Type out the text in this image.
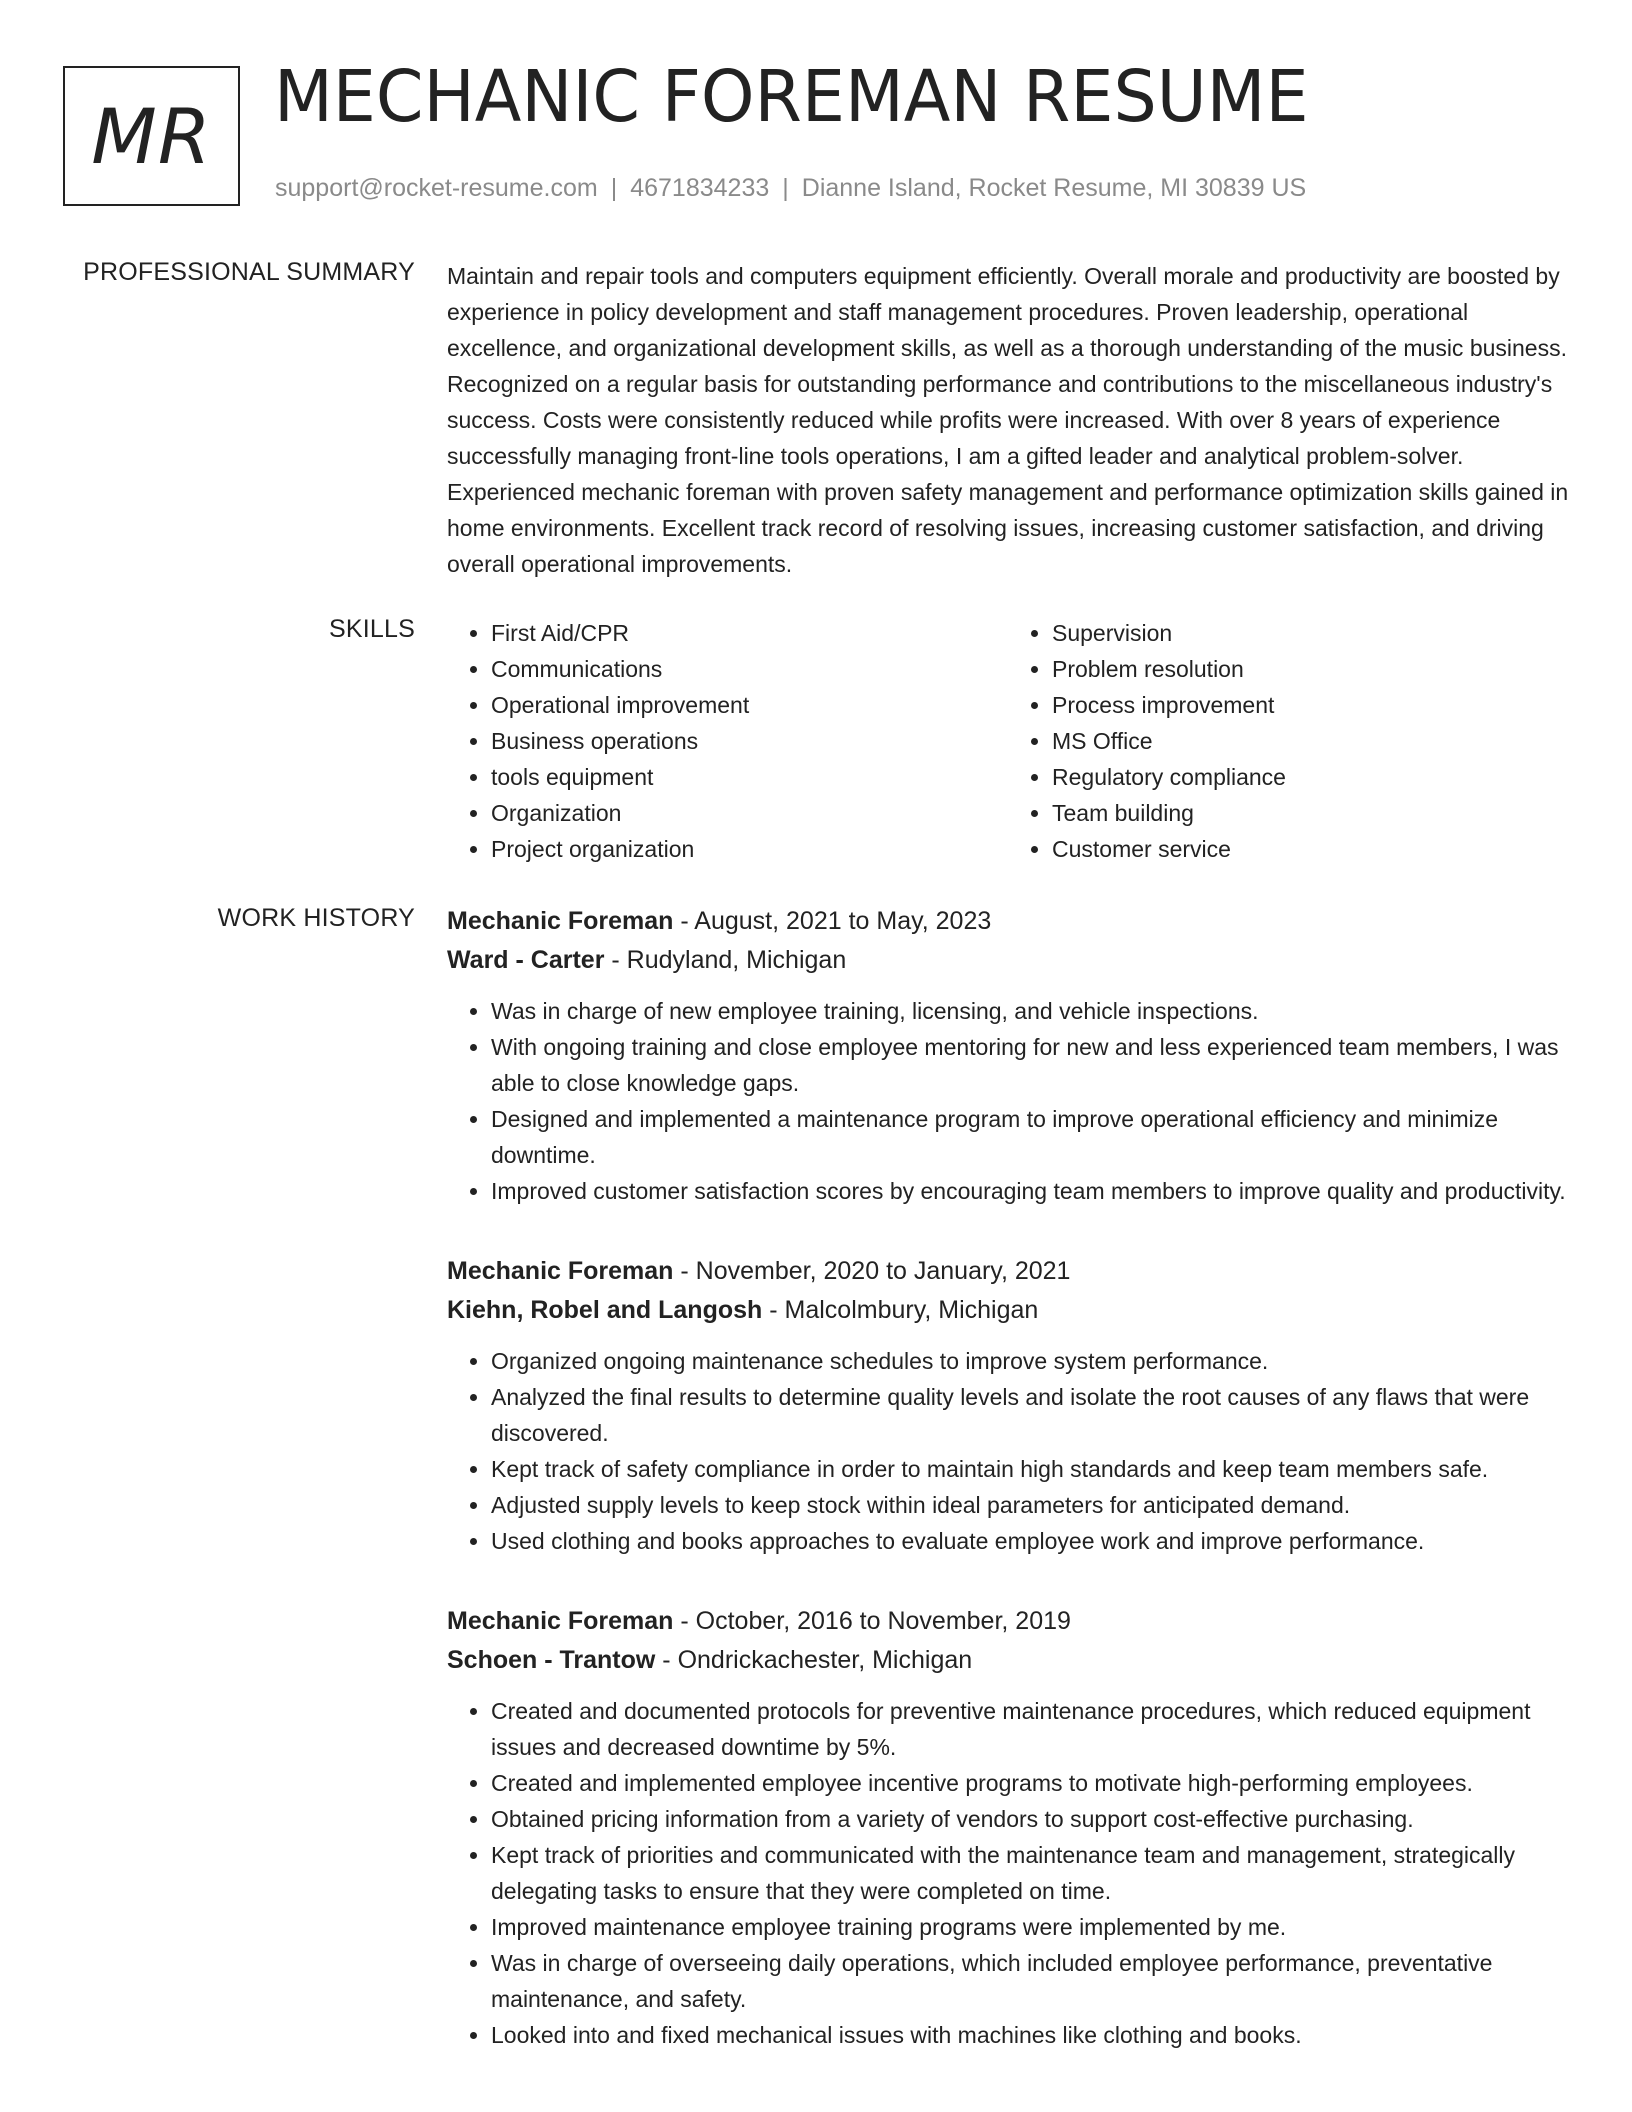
MR MECHANIC FOREMAN RESUME
support@rocket-resume.com | 4671834233 | Dianne Island, Rocket Resume, MI 30839 US
PROFESSIONAL SUMMARY Maintain and repair tools and computers equipment efficiently. Overall morale and productivity are boosted by experience in policy development and staff management procedures. Proven leadership, operational excellence, and organizational development skills, as well as a thorough understanding of the music business. Recognized on a regular basis for outstanding performance and contributions to the miscellaneous industry's success. Costs were consistently reduced while profits were increased. With over 8 years of experience successfully managing front-line tools operations, I am a gifted leader and analytical problem-solver. Experienced mechanic foreman with proven safety management and performance optimization skills gained in home environments. Excellent track record of resolving issues, increasing customer satisfaction, and driving overall operational improvements.

SKILLS
•	First Aid/CPR
• Communications
• Operational improvement
• Business operations
• tools equipment
• Organization
• Project organization
• Supervision
• Problem resolution
• Process improvement
• MS Office
• Regulatory compliance
• Team building
• Customer service
WORK HISTORY Mechanic Foreman - August, 2021 to May, 2023
Ward - Carter - Rudyland, Michigan
• Was in charge of new employee training, licensing, and vehicle inspections.
• With ongoing training and close employee mentoring for new and less experienced team members, I was able to close knowledge gaps.
• Designed and implemented a maintenance program to improve operational efficiency and minimize downtime.
• Improved customer satisfaction scores by encouraging team members to improve quality and productivity.
Mechanic Foreman - November, 2020 to January, 2021
Kiehn, Robel and Langosh - Malcolmbury, Michigan
• Organized ongoing maintenance schedules to improve system performance.
• Analyzed the final results to determine quality levels and isolate the root causes of any flaws that were discovered.
• Kept track of safety compliance in order to maintain high standards and keep team members safe.
• Adjusted supply levels to keep stock within ideal parameters for anticipated demand.
• Used clothing and books approaches to evaluate employee work and improve performance.
Mechanic Foreman - October, 2016 to November, 2019
Schoen - Trantow - Ondrickachester, Michigan
• Created and documented protocols for preventive maintenance procedures, which reduced equipment issues and decreased downtime by 5%.
• Created and implemented employee incentive programs to motivate high-performing employees.
• Obtained pricing information from a variety of vendors to support cost-effective purchasing.
• Kept track of priorities and communicated with the maintenance team and management, strategically delegating tasks to ensure that they were completed on time.
• Improved maintenance employee training programs were implemented by me.
• Was in charge of overseeing daily operations, which included employee performance, preventative maintenance, and safety.
• Looked into and fixed mechanical issues with machines like clothing and books.
